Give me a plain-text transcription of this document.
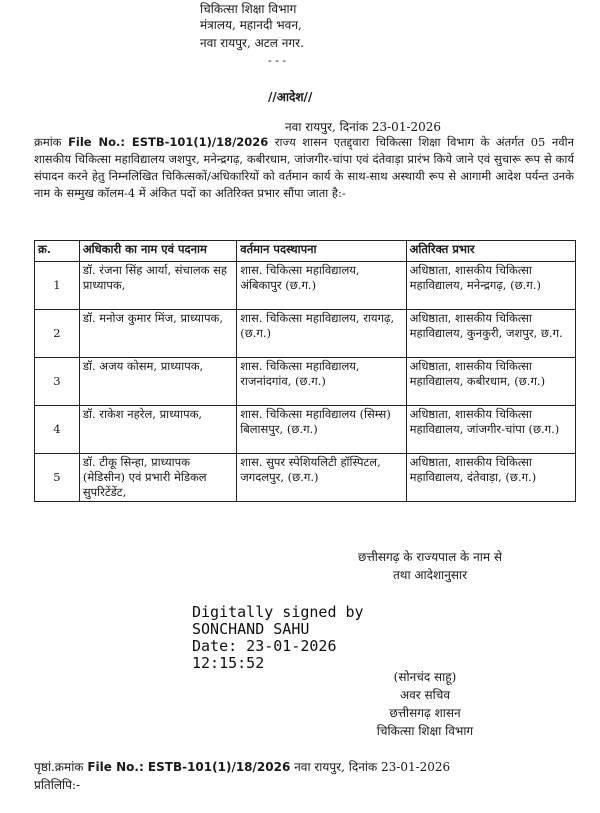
चिकित्सा शिक्षा विभाग
मंत्रालय, महानदी भवन,
नवा रायपुर, अटल नगर.
- - -
//आदेश//
नवा रायपुर, दिनांक 23-01-2026
क्रमांक File No.: ESTB-101(1)/18/2026 राज्य शासन एतद्द्वारा चिकित्सा शिक्षा विभाग के अंतर्गत 05 नवीन शासकीय चिकित्सा महाविद्यालय जशपुर, मनेन्द्रगढ़, कबीरधाम, जांजगीर-चांपा एवं दंतेवाड़ा प्रारंभ किये जाने एवं सुचारू रूप से कार्य संपादन करने हेतु निम्नलिखित चिकित्सकों/अधिकारियों को वर्तमान कार्य के साथ-साथ अस्थायी रूप से आगामी आदेश पर्यन्त उनके नाम के सम्मुख कॉलम-4 में अंकित पदों का अतिरिक्त प्रभार सौंपा जाता है:-
क्र.	अधिकारी का नाम एवं पदनाम	वर्तमान पदस्थापना	अतिरिक्त प्रभार
1	डॉ. रंजना सिंह आर्या, संचालक सह प्राध्यापक,	शास. चिकित्सा महाविद्यालय, अंबिकापुर (छ.ग.)	अधिष्ठाता, शासकीय चिकित्सा महाविद्यालय, मनेन्द्रगढ़, (छ.ग.)
2	डॉ. मनोज कुमार मिंज, प्राध्यापक,	शास. चिकित्सा महाविद्यालय, रायगढ़, (छ.ग.)	अधिष्ठाता, शासकीय चिकित्सा महाविद्यालय, कुनकुरी, जशपुर, छ.ग.
3	डॉ. अजय कोसम, प्राध्यापक,	शास. चिकित्सा महाविद्यालय, राजनांदगांव, (छ.ग.)	अधिष्ठाता, शासकीय चिकित्सा महाविद्यालय, कबीरधाम, (छ.ग.)
4	डॉ. राकेश नहरेल, प्राध्यापक,	शास. चिकित्सा महाविद्यालय (सिम्स) बिलासपुर, (छ.ग.)	अधिष्ठाता, शासकीय चिकित्सा महाविद्यालय, जांजगीर-चांपा (छ.ग.)
5	डॉ. टीकू सिन्हा, प्राध्यापक (मेडिसीन) एवं प्रभारी मेडिकल सुपरिटेंडेंट,	शास. सुपर स्पेशियलिटी हॉस्पिटल, जगदलपुर, (छ.ग.)	अधिष्ठाता, शासकीय चिकित्सा महाविद्यालय, दंतेवाड़ा, (छ.ग.)
छत्तीसगढ़ के राज्यपाल के नाम से
तथा आदेशानुसार
Digitally signed by
SONCHAND SAHU
Date: 23-01-2026
12:15:52
(सोनचंद साहू)
अवर सचिव
छत्तीसगढ़ शासन
चिकित्सा शिक्षा विभाग
पृष्ठां.क्रमांक File No.: ESTB-101(1)/18/2026 नवा रायपुर, दिनांक 23-01-2026
प्रतिलिपि:-
